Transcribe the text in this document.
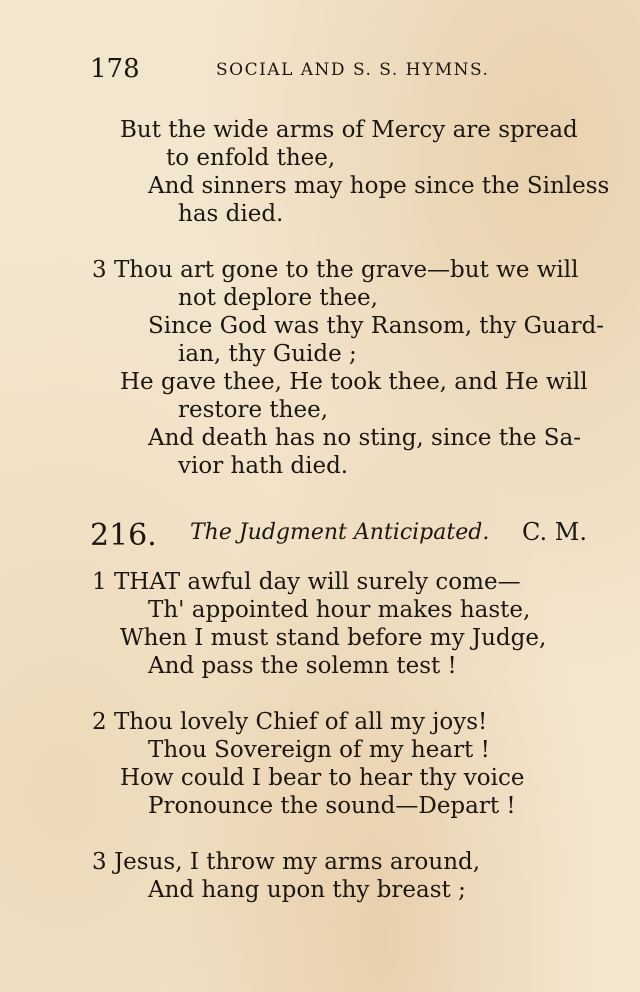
178	SOCIAL AND S. S. HYMNS.
But the wide arms of Mercy are spread
to enfold thee,
And sinners may hope since the Sinless
has died.
3 Thou art gone to the grave—but we will
not deplore thee,
Since God was thy Ransom, thy Guard-
ian, thy Guide ;
He gave thee, He took thee, and He will
restore thee,
And death has no sting, since the Sa-
vior hath died.
216. The Judgment Anticipated. C. M.
1 THAT awful day will surely come—
Th' appointed hour makes haste,
When I must stand before my Judge,
And pass the solemn test !
2 Thou lovely Chief of all my joys!
Thou Sovereign of my heart !
How could I bear to hear thy voice
Pronounce the sound—Depart !
3 Jesus, I throw my arms around,
And hang upon thy breast ;
